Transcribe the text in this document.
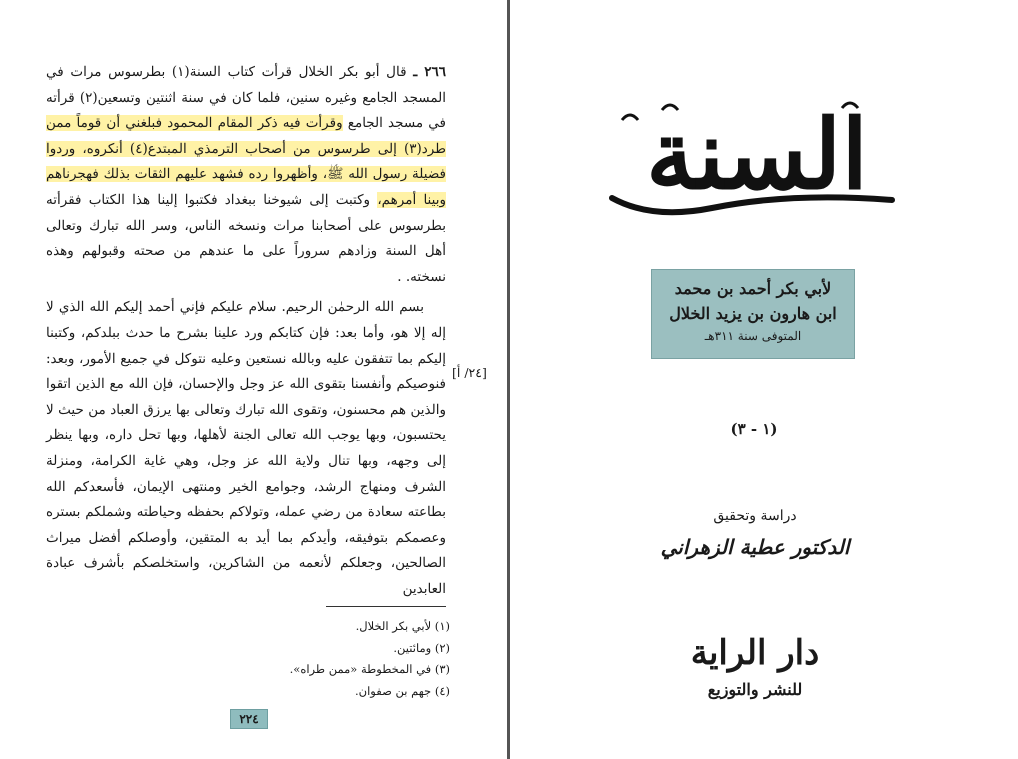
٢٦٦ ـ قال أبو بكر الخلال قرأت كتاب السنة(١) بطرسوس مرات في المسجد الجامع وغيره سنين، فلما كان في سنة اثنتين وتسعين(٢) قرأته في مسجد الجامع وقرأت فيه ذكر المقام المحمود فبلغني أن قوماً ممن طرد(٣) إلى طرسوس من أصحاب الترمذي المبتدع(٤) أنكروه، وردوا فضيلة رسول الله ﷺ، وأظهروا رده فشهد عليهم الثقات بذلك فهجرناهم وبينا أمرهم، وكتبت إلى شيوخنا ببغداد فكتبوا إلينا هذا الكتاب فقرأته بطرسوس على أصحابنا مرات ونسخه الناس، وسر الله تبارك وتعالى أهل السنة وزادهم سروراً على ما عندهم من صحته وقبولهم وهذه نسخته. .

بسم الله الرحمٰن الرحيم. سلام عليكم فإني أحمد إليكم الله الذي لا إله إلا هو، وأما بعد: فإن كتابكم ورد علينا بشرح ما حدث ببلدكم، وكتبنا إليكم بما تتفقون عليه وبالله نستعين وعليه نتوكل في جميع الأمور، وبعد: فنوصيكم وأنفسنا بتقوى الله عز وجل والإحسان، فإن الله مع الذين اتقوا والذين هم محسنون، وتقوى الله تبارك وتعالى بها يرزق العباد من حيث لا يحتسبون، وبها يوجب الله تعالى الجنة لأهلها، وبها تحل داره، وبها ينظر إلى وجهه، وبها تنال ولاية الله عز وجل، وهي غاية الكرامة، ومنزلة الشرف ومنهاج الرشد، وجوامع الخير ومنتهى الإيمان، فأسعدكم الله بطاعته سعادة من رضي عمله، وتولاكم بحفظه وحياطته وشملكم بستره وعصمكم بتوفيقه، وأيدكم بما أيد به المتقين، وأوصلكم أفضل ميراث الصالحين، وجعلكم لأنعمه من الشاكرين، واستخلصكم بأشرف عبادة العابدين

[٢٤/ أ]
(١) لأبي بكر الخلال.
(٢) ومائتين.
(٣) في المخطوطة «ممن طراه».
(٤) جهم بن صفوان.
٢٢٤
السنة
لأبي بكر أحمد بن محمد
ابن هارون بن يزيد الخلال
المتوفى سنة ٣١١هـ
(١ - ٣)
دراسة وتحقيق
الدكتور عطية الزهراني
دار الراية
للنشر والتوزيع
